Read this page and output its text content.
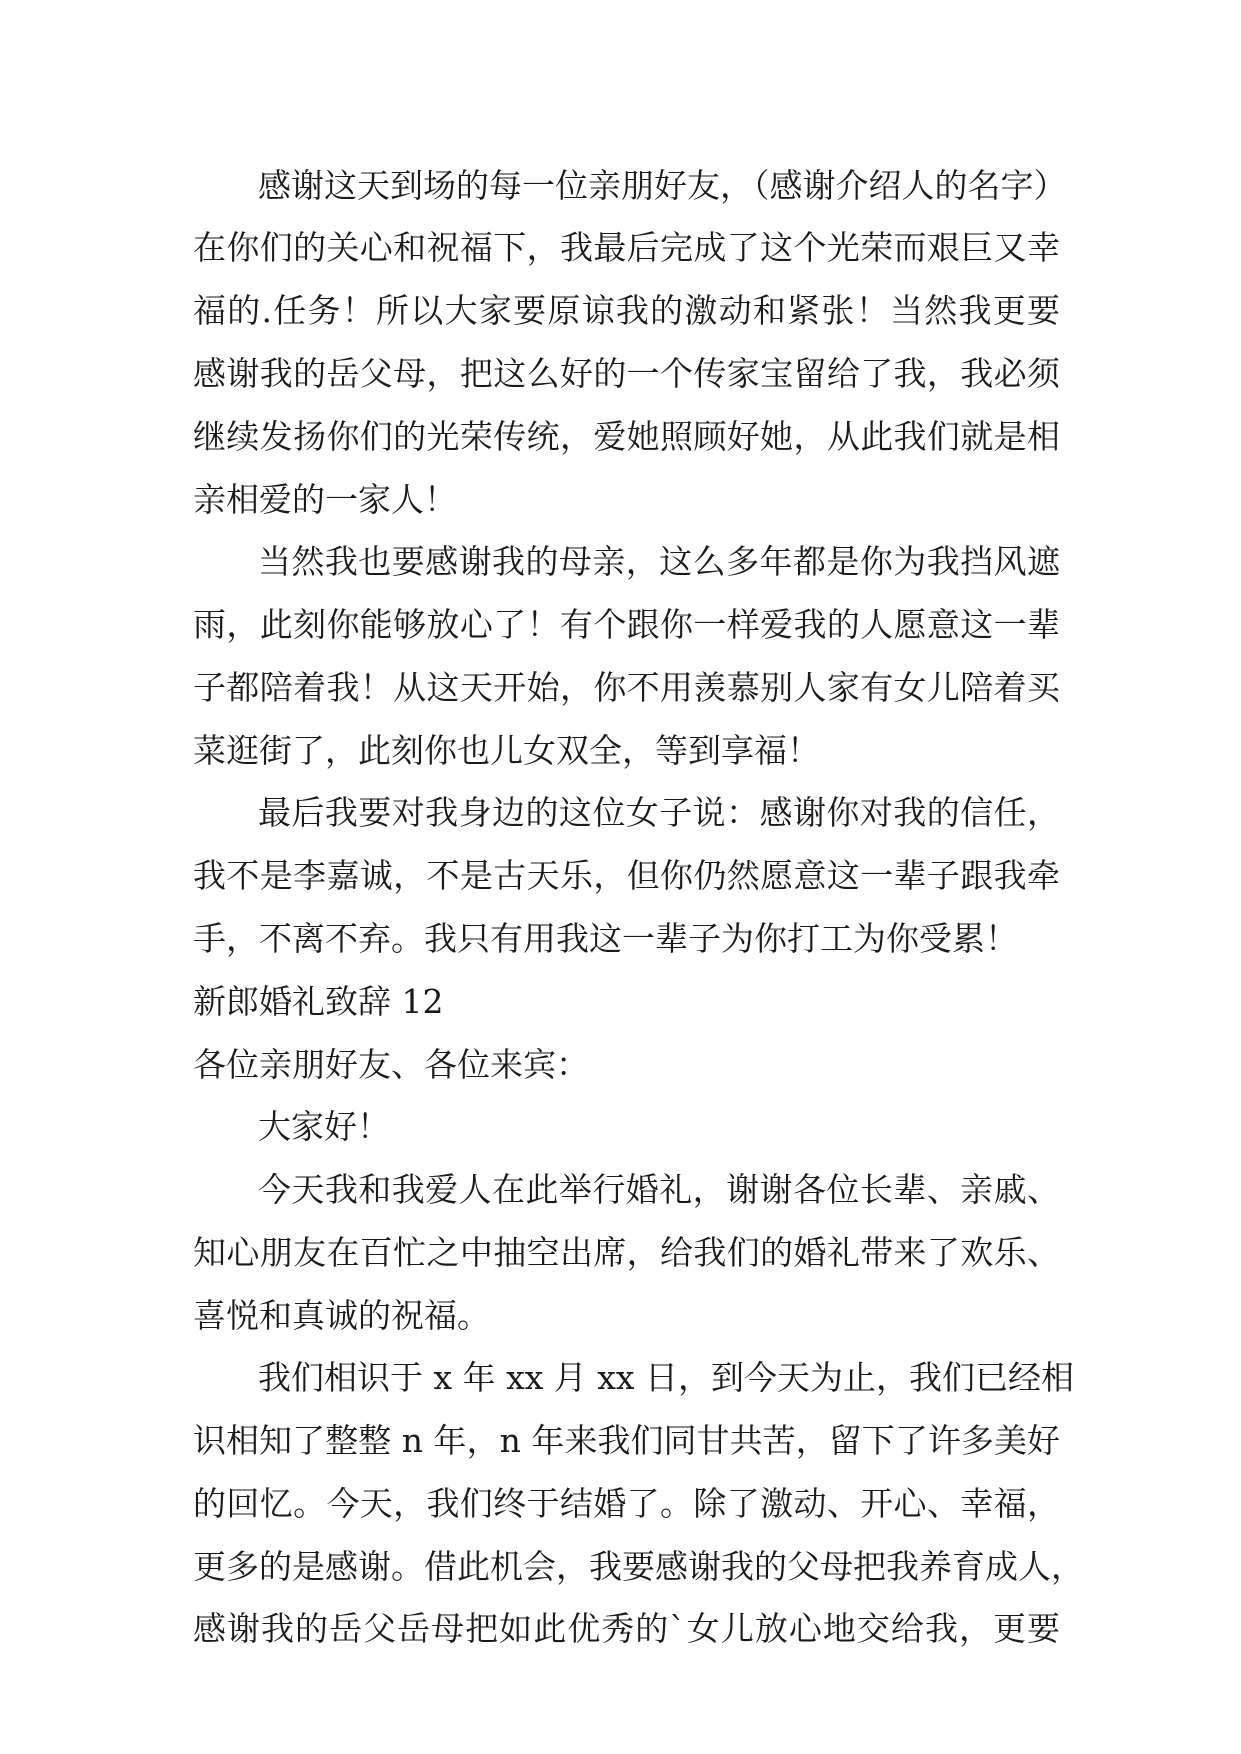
感谢这天到场的每一位亲朋好友，（感谢介绍人的名字）
在你们的关心和祝福下，我最后完成了这个光荣而艰巨又幸
福的.任务！所以大家要原谅我的激动和紧张！当然我更要
感谢我的岳父母，把这么好的一个传家宝留给了我，我必须
继续发扬你们的光荣传统，爱她照顾好她，从此我们就是相
亲相爱的一家人！
当然我也要感谢我的母亲，这么多年都是你为我挡风遮
雨，此刻你能够放心了！有个跟你一样爱我的人愿意这一辈
子都陪着我！从这天开始，你不用羡慕别人家有女儿陪着买
菜逛街了，此刻你也儿女双全，等到享福！
最后我要对我身边的这位女子说：感谢你对我的信任，
我不是李嘉诚，不是古天乐，但你仍然愿意这一辈子跟我牵
手，不离不弃。我只有用我这一辈子为你打工为你受累！
新郎婚礼致辞 12
各位亲朋好友、各位来宾：
大家好！
今天我和我爱人在此举行婚礼，谢谢各位长辈、亲戚、
知心朋友在百忙之中抽空出席，给我们的婚礼带来了欢乐、
喜悦和真诚的祝福。
我们相识于 x 年 xx 月 xx 日，到今天为止，我们已经相
识相知了整整 n 年，n 年来我们同甘共苦，留下了许多美好
的回忆。今天，我们终于结婚了。除了激动、开心、幸福，
更多的是感谢。借此机会，我要感谢我的父母把我养育成人，
感谢我的岳父岳母把如此优秀的`女儿放心地交给我，更要
